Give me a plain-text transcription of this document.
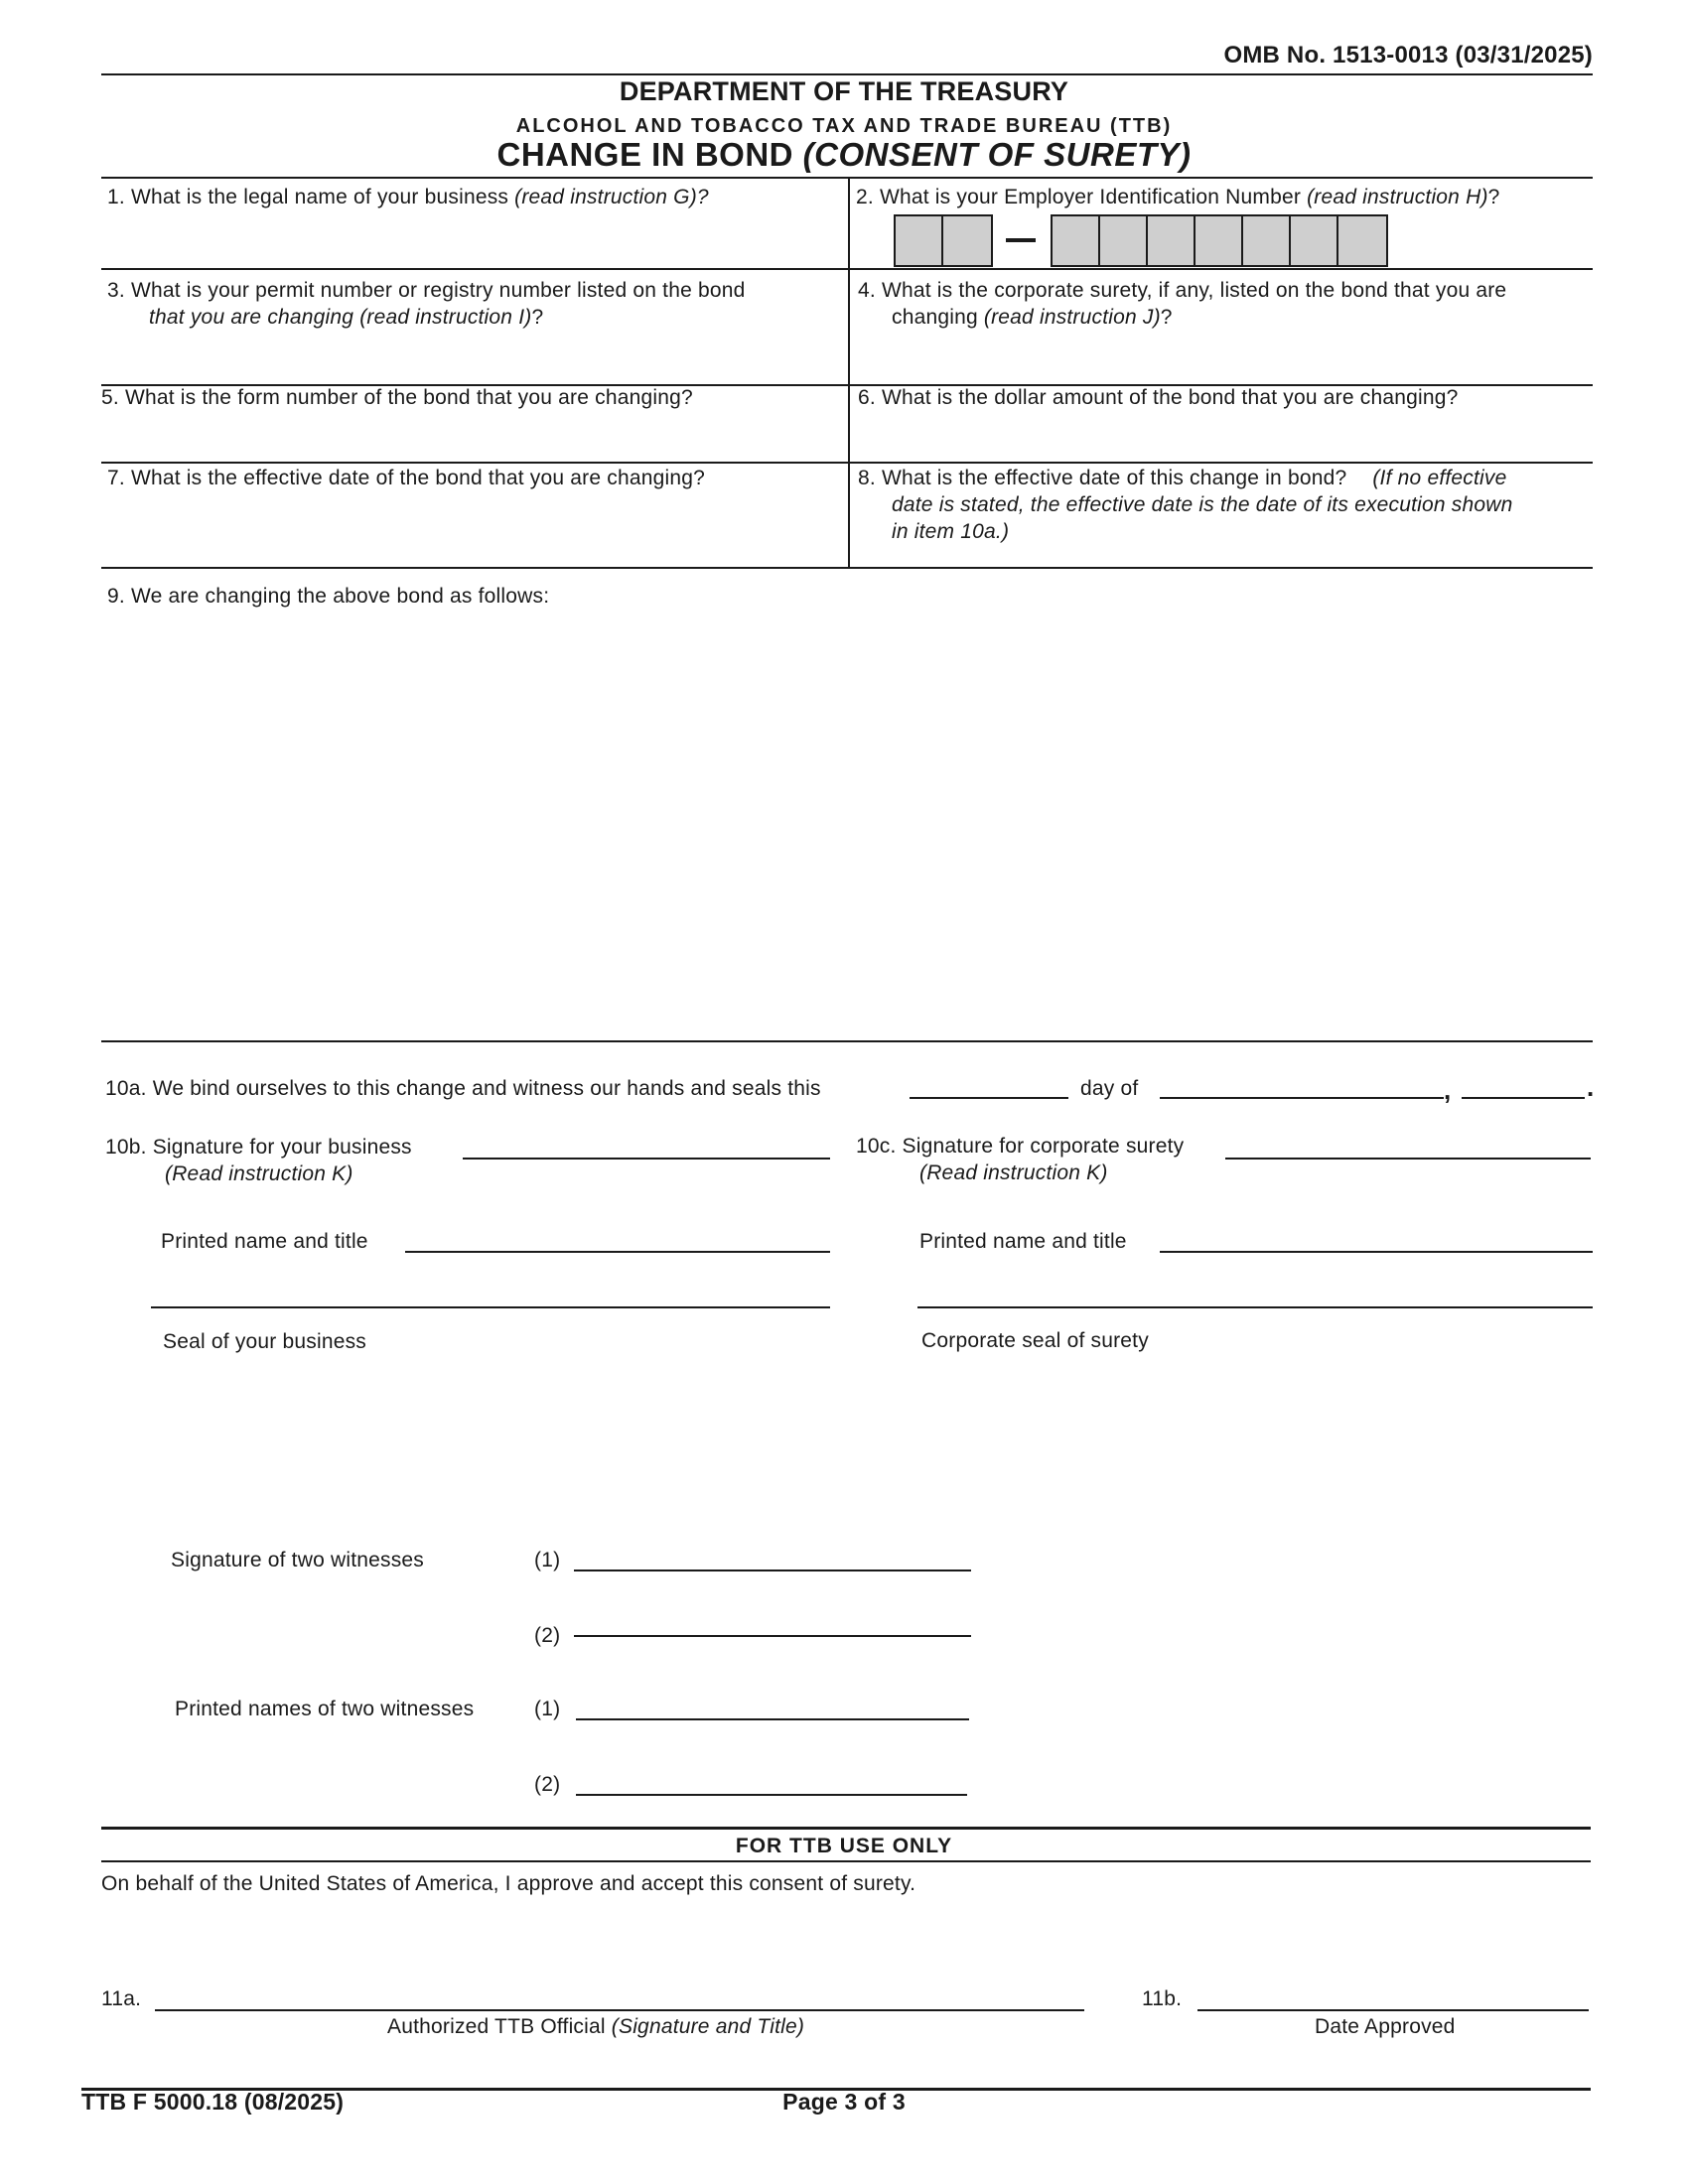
OMB No. 1513-0013 (03/31/2025)
DEPARTMENT OF THE TREASURY
ALCOHOL AND TOBACCO TAX AND TRADE BUREAU (TTB)
CHANGE IN BOND (CONSENT OF SURETY)
1. What is the legal name of your business (read instruction G)?	2. What is your Employer Identification Number (read instruction H)?
3. What is your permit number or registry number listed on the bond
that you are changing (read instruction I)?
4. What is the corporate surety, if any, listed on the bond that you are
changing (read instruction J)?
5. What is the form number of the bond that you are changing?	6. What is the dollar amount of the bond that you are changing?
7. What is the effective date of the bond that you are changing?	8. What is the effective date of this change in bond? (If no effective
date is stated, the effective date is the date of its execution shown
in item 10a.)
9. We are changing the above bond as follows:
10a. We bind ourselves to this change and witness our hands and seals this	day of	,	.
10b. Signature for your business
(Read instruction K)
10c. Signature for corporate surety
(Read instruction K)
Printed name and title	Printed name and title
Seal of your business	Corporate seal of surety
Signature of two witnesses	(1)
(2)
Printed names of two witnesses	(1)
(2)
FOR TTB USE ONLY
On behalf of the United States of America, I approve and accept this consent of surety.
11a.
Authorized TTB Official (Signature and Title)
11b.
Date Approved
TTB F 5000.18 (08/2025)	Page 3 of 3
